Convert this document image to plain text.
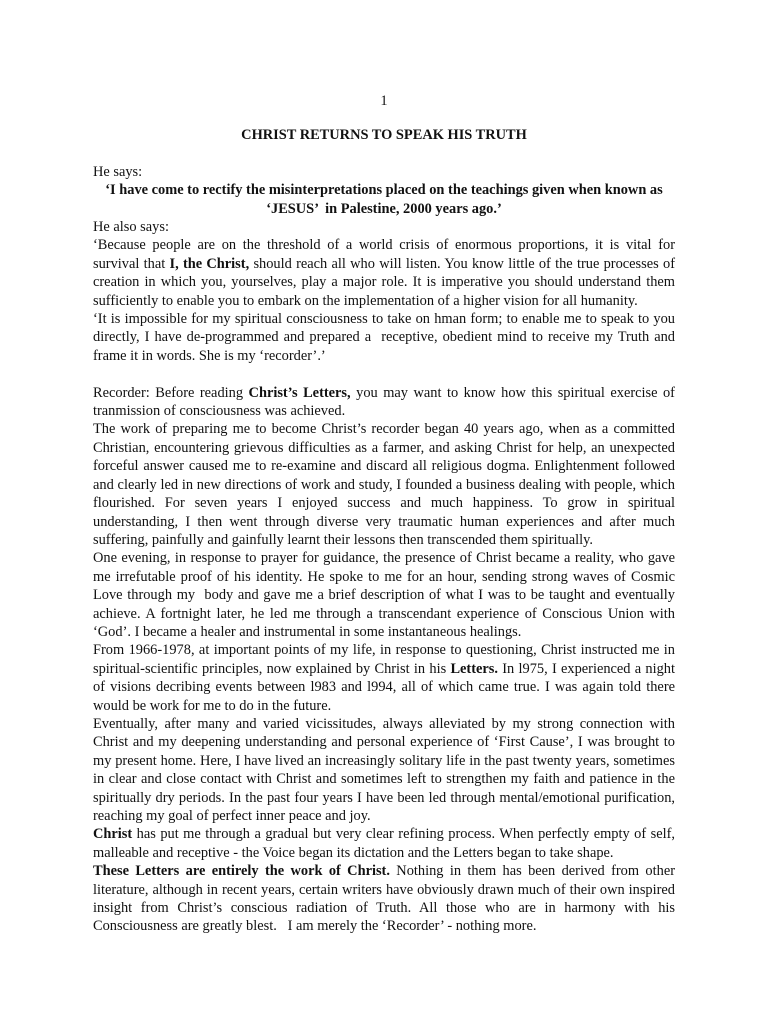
1
CHRIST RETURNS TO SPEAK HIS TRUTH

He says:

‘I have come to rectify the misinterpretations placed on the teachings given when known as  ‘JESUS’  in Palestine, 2000 years ago.’

He also says:

‘Because people are on the threshold of a world crisis of enormous proportions, it is vital for survival that I, the Christ, should reach all who will listen. You know little of the true processes of creation in which you, yourselves, play a major role. It is imperative you should understand them sufficiently to enable you to embark on the implementation of a higher vision for all humanity.

‘It is impossible for my spiritual consciousness to take on hman form; to enable me to speak to you directly, I have de-programmed and prepared a  receptive, obedient mind to receive my Truth and frame it in words. She is my ‘recorder’.’

Recorder: Before reading Christ’s Letters, you may want to know how this spiritual exercise of tranmission of consciousness was achieved.

The work of preparing me to become Christ’s recorder began 40 years ago, when as a committed Christian, encountering grievous difficulties as a farmer, and asking Christ for help, an unexpected forceful answer caused me to re-examine and discard all religious dogma. Enlightenment followed and clearly led in new directions of work and study, I founded a business dealing with people, which flourished. For seven years I enjoyed success and much happiness. To grow in spiritual understanding, I then went through diverse very traumatic human experiences and after much suffering, painfully and gainfully learnt their lessons then transcended them spiritually.

One evening, in response to prayer for guidance, the presence of Christ became a reality, who gave me irrefutable proof of his identity. He spoke to me for an hour, sending strong waves of Cosmic Love through my  body and gave me a brief description of what I was to be taught and eventually achieve. A fortnight later, he led me through a transcendant experience of Conscious Union with ‘God’. I became a healer and instrumental in some instantaneous healings.

From 1966-1978, at important points of my life, in response to questioning, Christ instructed me in spiritual-scientific principles, now explained by Christ in his Letters. In l975, I experienced a night of visions decribing events between l983 and l994, all of which came true. I was again told there would be work for me to do in the future.

Eventually, after many and varied vicissitudes, always alleviated by my strong connection with Christ and my deepening understanding and personal experience of ‘First Cause’, I was brought to my present home. Here, I have lived an increasingly solitary life in the past twenty years, sometimes in clear and close contact with Christ and sometimes left to strengthen my faith and patience in the spiritually dry periods. In the past four years I have been led through mental/emotional purification, reaching my goal of perfect inner peace and joy.

Christ has put me through a gradual but very clear refining process. When perfectly empty of self, malleable and receptive - the Voice began its dictation and the Letters began to take shape.

These Letters are entirely the work of Christ. Nothing in them has been derived from other literature, although in recent years, certain writers have obviously drawn much of their own inspired insight from Christ’s conscious radiation of Truth. All those who are in harmony with his Consciousness are greatly blest.   I am merely the ‘Recorder’ - nothing more.
